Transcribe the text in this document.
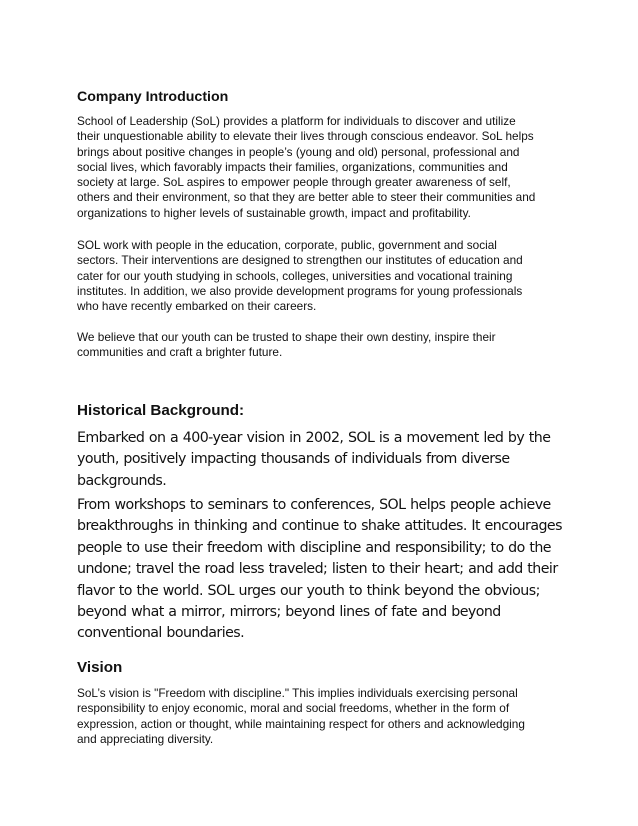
Company Introduction

School of Leadership (SoL) provides a platform for individuals to discover and utilize
their unquestionable ability to elevate their lives through conscious endeavor. SoL helps
brings about positive changes in people’s (young and old) personal, professional and
social lives, which favorably impacts their families, organizations, communities and
society at large. SoL aspires to empower people through greater awareness of self,
others and their environment, so that they are better able to steer their communities and
organizations to higher levels of sustainable growth, impact and profitability.

SOL work with people in the education, corporate, public, government and social
sectors. Their interventions are designed to strengthen our institutes of education and
cater for our youth studying in schools, colleges, universities and vocational training
institutes. In addition, we also provide development programs for young professionals
who have recently embarked on their careers.

We believe that our youth can be trusted to shape their own destiny, inspire their
communities and craft a brighter future.

Historical Background:

Embarked on a 400-year vision in 2002, SOL is a movement led by the
youth, positively impacting thousands of individuals from diverse
backgrounds.

From workshops to seminars to conferences, SOL helps people achieve
breakthroughs in thinking and continue to shake attitudes. It encourages
people to use their freedom with discipline and responsibility; to do the
undone; travel the road less traveled; listen to their heart; and add their
flavor to the world. SOL urges our youth to think beyond the obvious;
beyond what a mirror, mirrors; beyond lines of fate and beyond
conventional boundaries.

Vision

SoL’s vision is "Freedom with discipline." This implies individuals exercising personal
responsibility to enjoy economic, moral and social freedoms, whether in the form of
expression, action or thought, while maintaining respect for others and acknowledging
and appreciating diversity.
